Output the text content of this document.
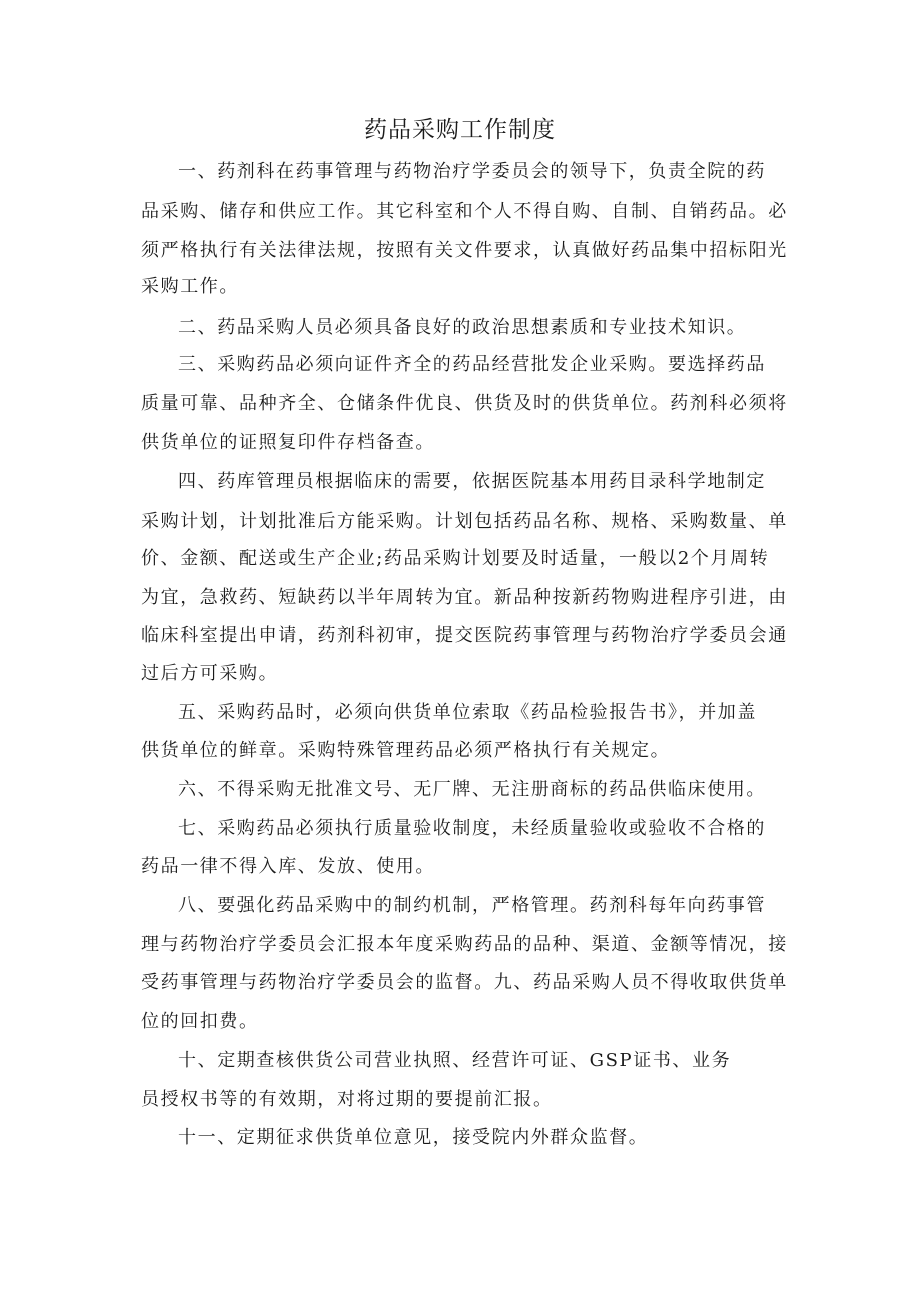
药品采购工作制度
一、药剂科在药事管理与药物治疗学委员会的领导下，负责全院的药
品采购、储存和供应工作。其它科室和个人不得自购、自制、自销药品。必
须严格执行有关法律法规，按照有关文件要求，认真做好药品集中招标阳光
采购工作。
二、药品采购人员必须具备良好的政治思想素质和专业技术知识。
三、采购药品必须向证件齐全的药品经营批发企业采购。要选择药品
质量可靠、品种齐全、仓储条件优良、供货及时的供货单位。药剂科必须将
供货单位的证照复印件存档备查。
四、药库管理员根据临床的需要，依据医院基本用药目录科学地制定
采购计划，计划批准后方能采购。计划包括药品名称、规格、采购数量、单
价、金额、配送或生产企业;药品采购计划要及时适量，一般以2个月周转
为宜，急救药、短缺药以半年周转为宜。新品种按新药物购进程序引进，由
临床科室提出申请，药剂科初审，提交医院药事管理与药物治疗学委员会通
过后方可采购。
五、采购药品时，必须向供货单位索取《药品检验报告书》，并加盖
供货单位的鲜章。采购特殊管理药品必须严格执行有关规定。
六、不得采购无批准文号、无厂牌、无注册商标的药品供临床使用。
七、采购药品必须执行质量验收制度，未经质量验收或验收不合格的
药品一律不得入库、发放、使用。
八、要强化药品采购中的制约机制，严格管理。药剂科每年向药事管
理与药物治疗学委员会汇报本年度采购药品的品种、渠道、金额等情况，接
受药事管理与药物治疗学委员会的监督。九、药品采购人员不得收取供货单
位的回扣费。
十、定期查核供货公司营业执照、经营许可证、GSP证书、业务
员授权书等的有效期，对将过期的要提前汇报。
十一、定期征求供货单位意见，接受院内外群众监督。
